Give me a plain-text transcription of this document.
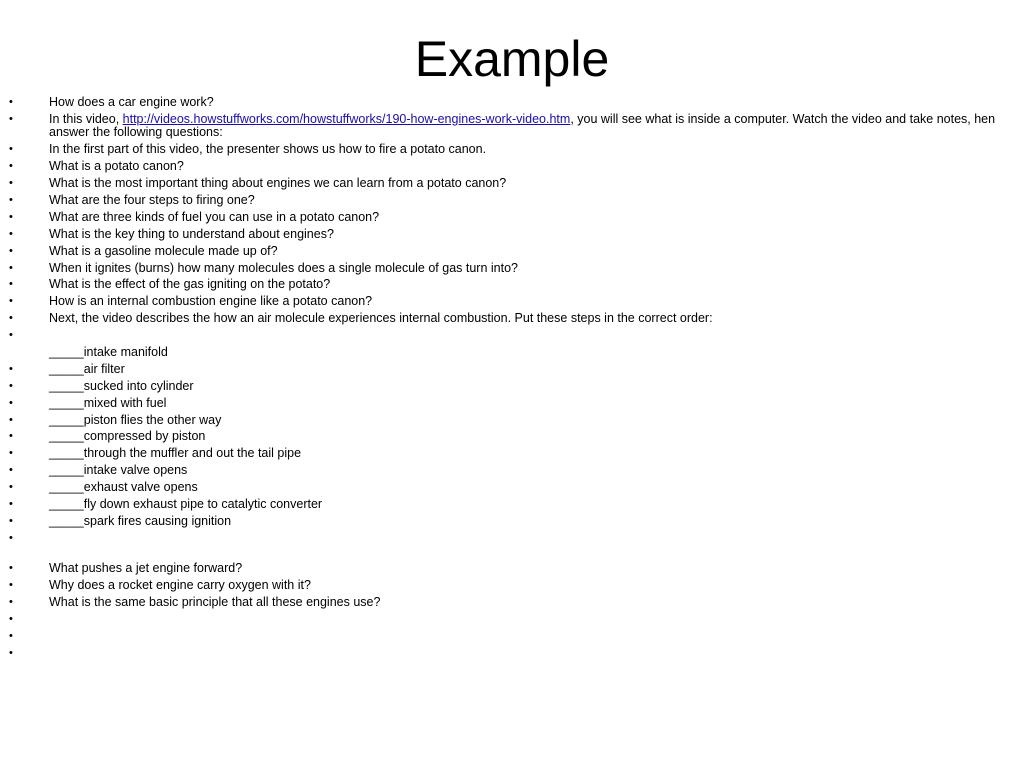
Example
•	How does a car engine work?
•	In this video, http://videos.howstuffworks.com/howstuffworks/190-how-engines-work-video.htm, you will see what is inside a computer. Watch the video and take notes, hen answer the following questions:
•	In the first part of this video, the presenter shows us how to fire a potato canon.
•	What is a potato canon?
•	What is the most important thing about engines we can learn from a potato canon?
•	What are the four steps to firing one?
•	What are three kinds of fuel you can use in a potato canon?
•	What is the key thing to understand about engines?
•	What is a gasoline molecule made up of?
•	When it ignites (burns) how many molecules does a single molecule of gas turn into?
•	What is the effect of the gas igniting on the potato?
•	How is an internal combustion engine like a potato canon?
•	Next, the video describes the how an air molecule experiences internal combustion. Put these steps in the correct order:
•
_____intake manifold
•	_____air filter
•	_____sucked into cylinder
•	_____mixed with fuel
•	_____piston flies the other way
•	_____compressed by piston
•	_____through the muffler and out the tail pipe
•	_____intake valve opens
•	_____exhaust valve opens
•	_____fly down exhaust pipe to catalytic converter
•	_____spark fires causing ignition
•
•	What pushes a jet engine forward?
•	Why does a rocket engine carry oxygen with it?
•	What is the same basic principle that all these engines use?
•
•
•
